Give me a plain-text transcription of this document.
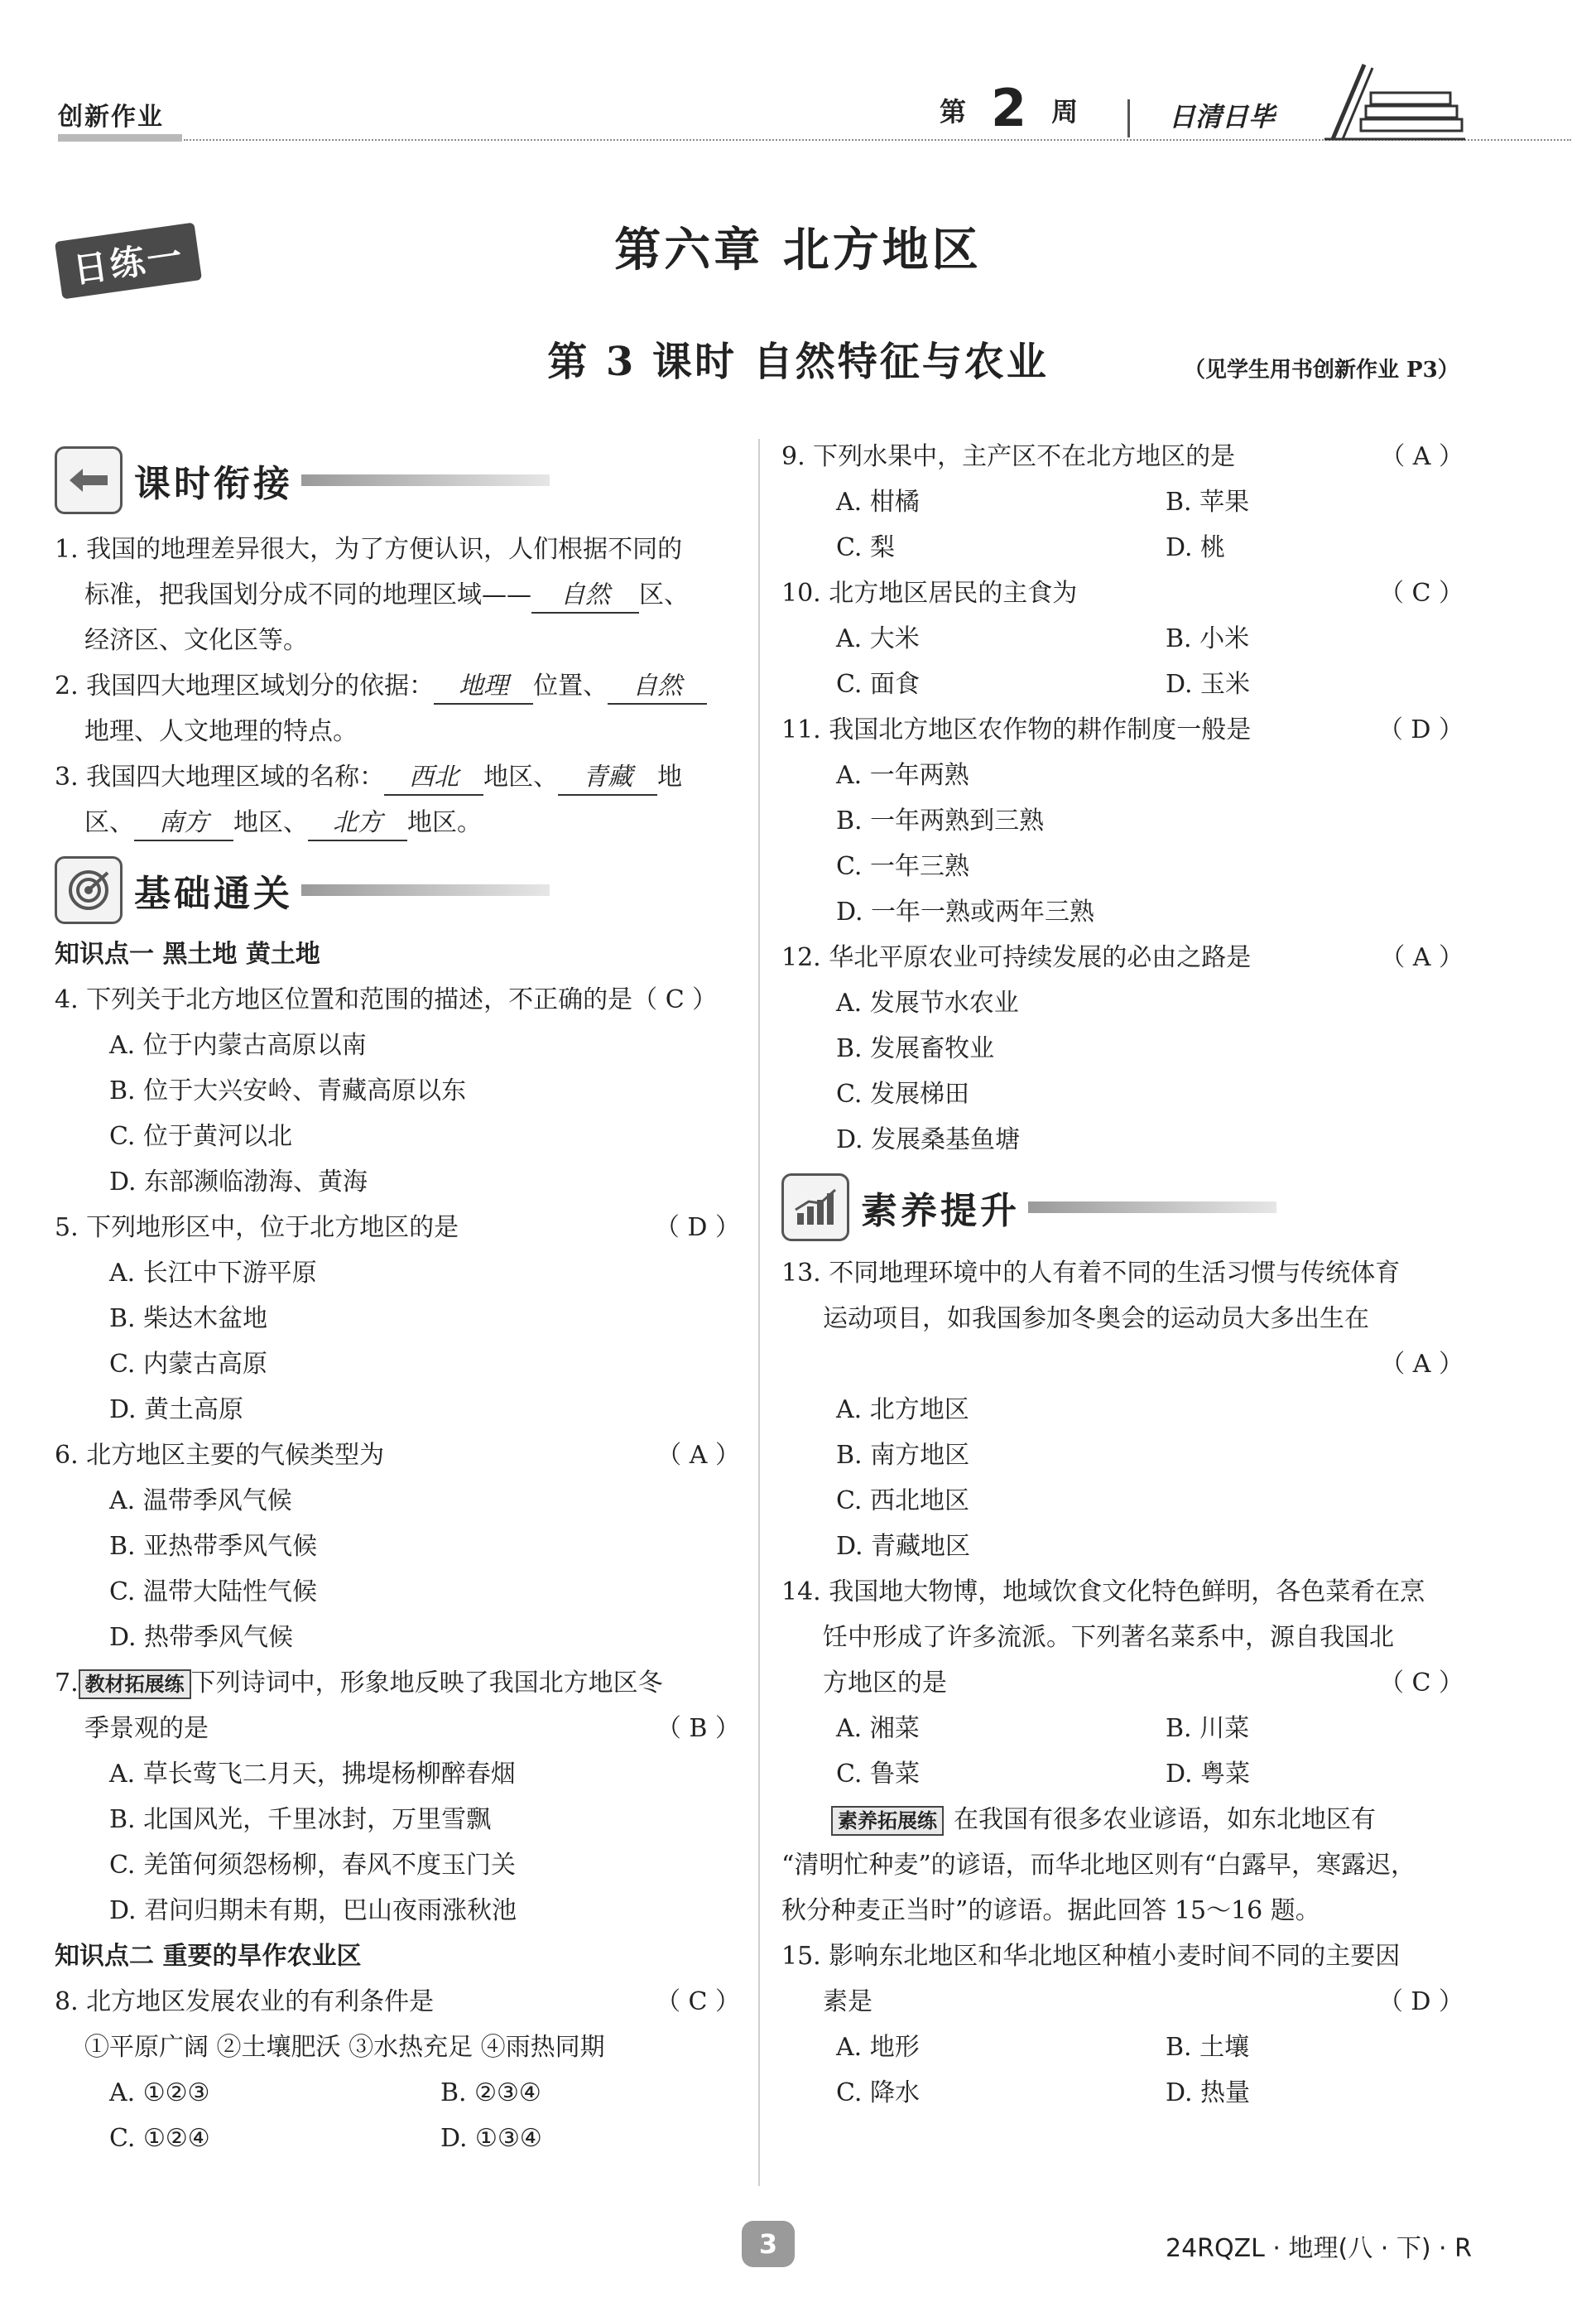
创新作业	第 2 周	日清日毕
日练一	第六章 北方地区
第 3 课时 自然特征与农业	（见学生用书创新作业 P3）
课时衔接
1. 我国的地理差异很大，为了方便认识，人们根据不同的
标准，把我国划分成不同的地理区域—— 自然 区、
经济区、文化区等。
2. 我国四大地理区域划分的依据： 地理 位置、 自然
地理、人文地理的特点。
3. 我国四大地理区域的名称： 西北 地区、 青藏 地
区、 南方 地区、 北方 地区。
基础通关
知识点一 黑土地 黄土地
4. 下列关于北方地区位置和范围的描述，不正确的是（ C ）
A. 位于内蒙古高原以南
B. 位于大兴安岭、青藏高原以东
C. 位于黄河以北
D. 东部濒临渤海、黄海
5. 下列地形区中，位于北方地区的是	（ D ）
A. 长江中下游平原
B. 柴达木盆地
C. 内蒙古高原
D. 黄土高原
6. 北方地区主要的气候类型为	（ A ）
A. 温带季风气候
B. 亚热带季风气候
C. 温带大陆性气候
D. 热带季风气候
7. 教材拓展练 下列诗词中，形象地反映了我国北方地区冬
季景观的是	（ B ）
A. 草长莺飞二月天，拂堤杨柳醉春烟
B. 北国风光，千里冰封，万里雪飘
C. 羌笛何须怨杨柳，春风不度玉门关
D. 君问归期未有期，巴山夜雨涨秋池
知识点二 重要的旱作农业区
8. 北方地区发展农业的有利条件是	（ C ）
①平原广阔 ②土壤肥沃 ③水热充足 ④雨热同期
A. ①②③	B. ②③④
C. ①②④	D. ①③④
9. 下列水果中，主产区不在北方地区的是	（ A ）
A. 柑橘	B. 苹果
C. 梨	D. 桃
10. 北方地区居民的主食为	（ C ）
A. 大米	B. 小米
C. 面食	D. 玉米
11. 我国北方地区农作物的耕作制度一般是	（ D ）
A. 一年两熟
B. 一年两熟到三熟
C. 一年三熟
D. 一年一熟或两年三熟
12. 华北平原农业可持续发展的必由之路是	（ A ）
A. 发展节水农业
B. 发展畜牧业
C. 发展梯田
D. 发展桑基鱼塘
素养提升
13. 不同地理环境中的人有着不同的生活习惯与传统体育
运动项目，如我国参加冬奥会的运动员大多出生在
（ A ）
A. 北方地区
B. 南方地区
C. 西北地区
D. 青藏地区
14. 我国地大物博，地域饮食文化特色鲜明，各色菜肴在烹
饪中形成了许多流派。下列著名菜系中，源自我国北
方地区的是	（ C ）
A. 湘菜	B. 川菜
C. 鲁菜	D. 粤菜
素养拓展练 在我国有很多农业谚语，如东北地区有
“清明忙种麦”的谚语，而华北地区则有“白露早，寒露迟，
秋分种麦正当时”的谚语。据此回答 15～16 题。
15. 影响东北地区和华北地区种植小麦时间不同的主要因
素是	（ D ）
A. 地形	B. 土壤
C. 降水	D. 热量
3	24RQZL · 地理(八 · 下) · R
